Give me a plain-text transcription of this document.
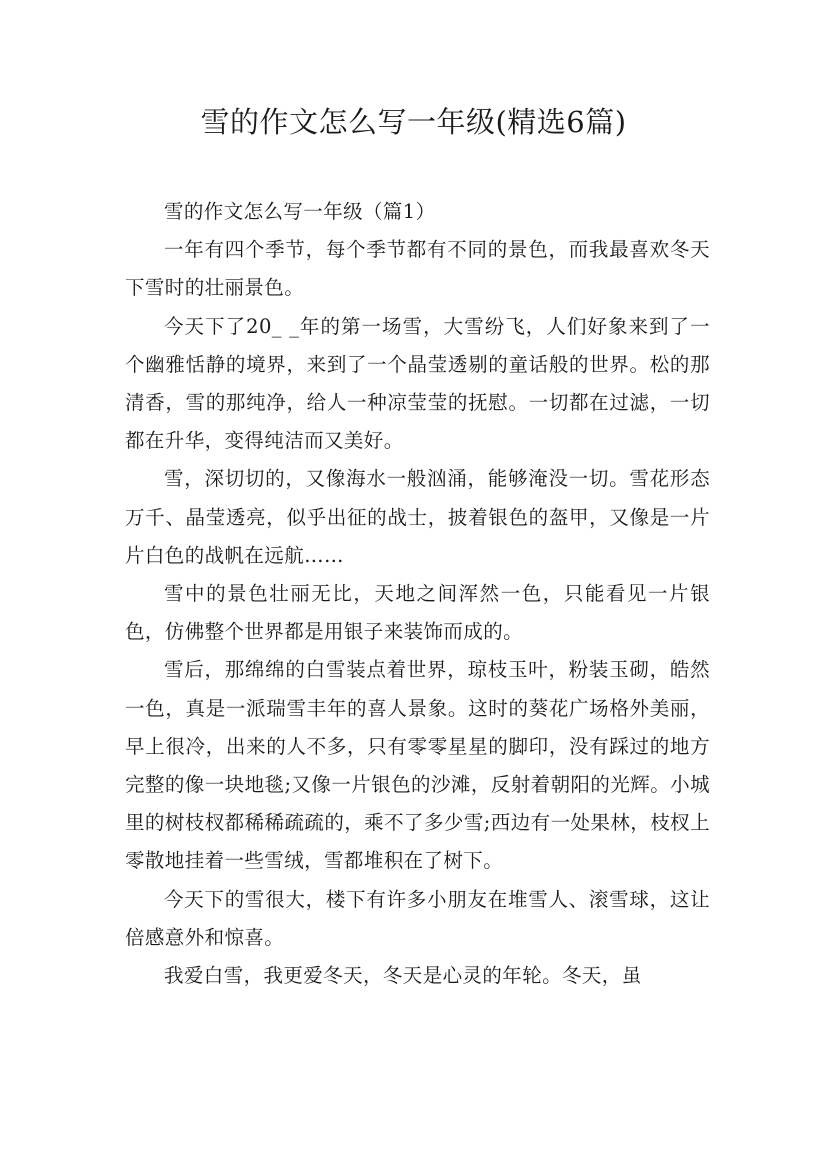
雪的作文怎么写一年级(精选6篇)

雪的作文怎么写一年级（篇1）

一年有四个季节，每个季节都有不同的景色，而我最喜欢冬天下雪时的壮丽景色。

今天下了20_ _年的第一场雪，大雪纷飞，人们好象来到了一个幽雅恬静的境界，来到了一个晶莹透剔的童话般的世界。松的那清香，雪的那纯净，给人一种凉莹莹的抚慰。一切都在过滤，一切都在升华，变得纯洁而又美好。

雪，深切切的，又像海水一般汹涌，能够淹没一切。雪花形态万千、晶莹透亮，似乎出征的战士，披着银色的盔甲，又像是一片片白色的战帆在远航……

雪中的景色壮丽无比，天地之间浑然一色，只能看见一片银色，仿佛整个世界都是用银子来装饰而成的。

雪后，那绵绵的白雪装点着世界，琼枝玉叶，粉装玉砌，皓然一色，真是一派瑞雪丰年的喜人景象。这时的葵花广场格外美丽，早上很冷，出来的人不多，只有零零星星的脚印，没有踩过的地方完整的像一块地毯;又像一片银色的沙滩，反射着朝阳的光辉。小城里的树枝杈都稀稀疏疏的，乘不了多少雪;西边有一处果林，枝杈上零散地挂着一些雪绒，雪都堆积在了树下。

今天下的雪很大，楼下有许多小朋友在堆雪人、滚雪球，这让倍感意外和惊喜。

我爱白雪，我更爱冬天，冬天是心灵的年轮。冬天，虽
